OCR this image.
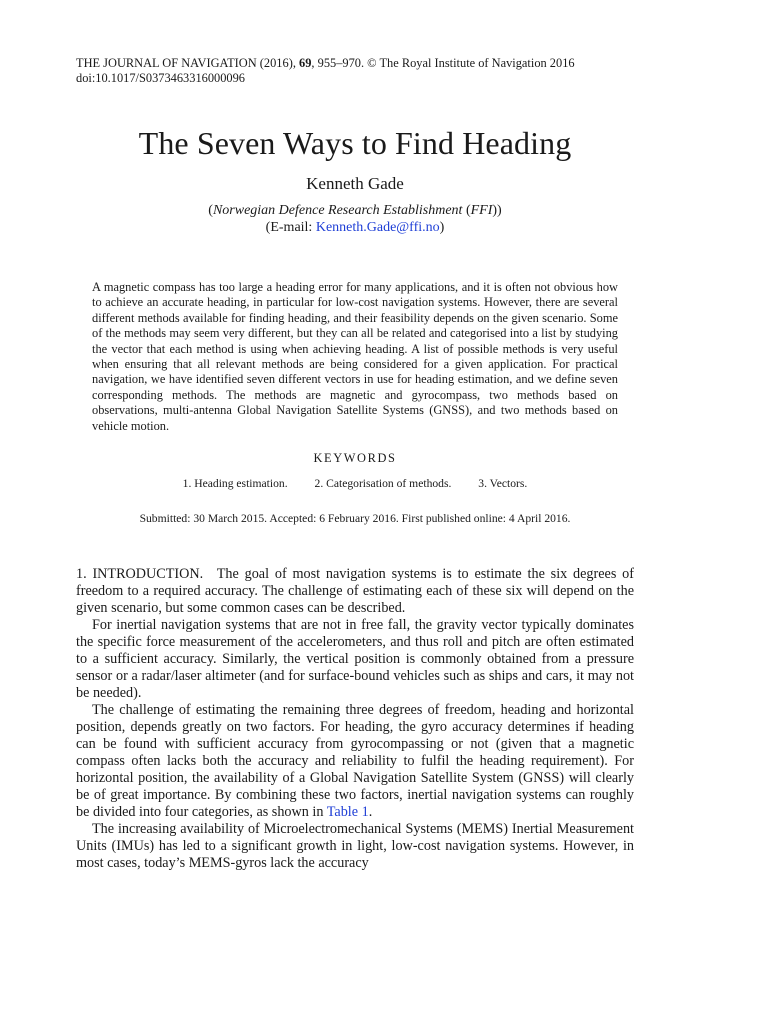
THE JOURNAL OF NAVIGATION (2016), 69, 955–970. © The Royal Institute of Navigation 2016
doi:10.1017/S0373463316000096
The Seven Ways to Find Heading
Kenneth Gade
(Norwegian Defence Research Establishment (FFI))
(E-mail: Kenneth.Gade@ffi.no)
A magnetic compass has too large a heading error for many applications, and it is often not obvious how to achieve an accurate heading, in particular for low-cost navigation systems. However, there are several different methods available for finding heading, and their feasibility depends on the given scenario. Some of the methods may seem very different, but they can all be related and categorised into a list by studying the vector that each method is using when achieving heading. A list of possible methods is very useful when ensuring that all relevant methods are being considered for a given application. For practical navigation, we have identified seven different vectors in use for heading estimation, and we define seven corresponding methods. The methods are magnetic and gyrocompass, two methods based on observations, multi-antenna Global Navigation Satellite Systems (GNSS), and two methods based on vehicle motion.
KEYWORDS
1. Heading estimation. 2. Categorisation of methods. 3. Vectors.
Submitted: 30 March 2015. Accepted: 6 February 2016. First published online: 4 April 2016.

1. INTRODUCTION. The goal of most navigation systems is to estimate the six degrees of freedom to a required accuracy. The challenge of estimating each of these six will depend on the given scenario, but some common cases can be described.

For inertial navigation systems that are not in free fall, the gravity vector typically dominates the specific force measurement of the accelerometers, and thus roll and pitch are often estimated to a sufficient accuracy. Similarly, the vertical position is commonly obtained from a pressure sensor or a radar/laser altimeter (and for surface-bound vehicles such as ships and cars, it may not be needed).

The challenge of estimating the remaining three degrees of freedom, heading and horizontal position, depends greatly on two factors. For heading, the gyro accuracy determines if heading can be found with sufficient accuracy from gyrocompassing or not (given that a magnetic compass often lacks both the accuracy and reliability to fulfil the heading requirement). For horizontal position, the availability of a Global Navigation Satellite System (GNSS) will clearly be of great importance. By combining these two factors, inertial navigation systems can roughly be divided into four categories, as shown in Table 1.

The increasing availability of Microelectromechanical Systems (MEMS) Inertial Measurement Units (IMUs) has led to a significant growth in light, low-cost navigation systems. However, in most cases, today’s MEMS-gyros lack the accuracy
